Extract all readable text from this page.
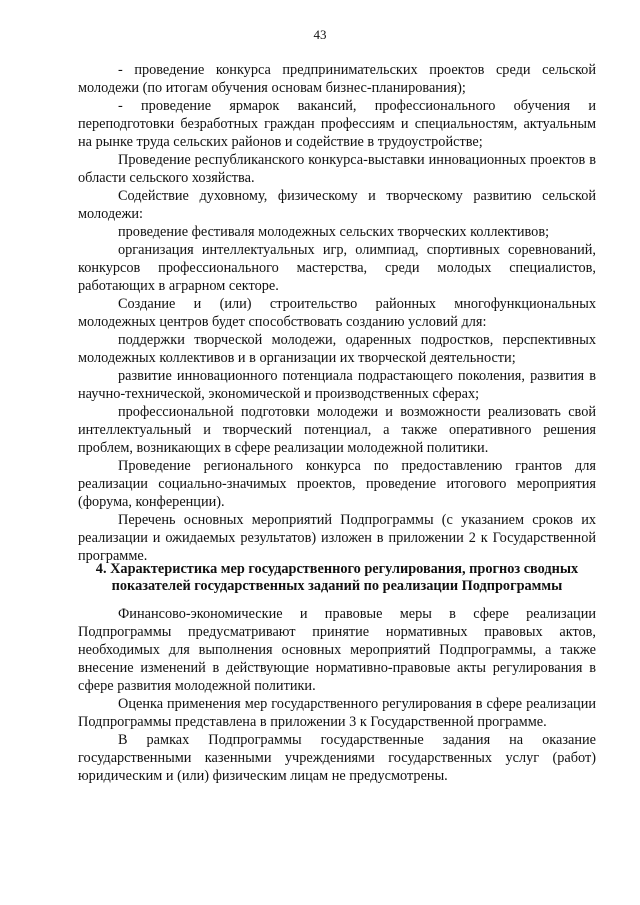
43

- проведение конкурса предпринимательских проектов среди сельской молодежи (по итогам обучения основам бизнес-планирования);

- проведение ярмарок вакансий, профессионального обучения и переподготовки безработных граждан профессиям и специальностям, актуальным на рынке труда сельских районов и содействие в трудоустройстве;

Проведение республиканского конкурса-выставки инновационных проектов в области сельского хозяйства.

Содействие духовному, физическому и творческому развитию сельской молодежи:

проведение фестиваля молодежных сельских творческих коллективов;

организация интеллектуальных игр, олимпиад, спортивных соревнований, конкурсов профессионального мастерства, среди молодых специалистов, работающих в аграрном секторе.

Создание и (или) строительство районных многофункциональных молодежных центров будет способствовать созданию условий для:

поддержки творческой молодежи, одаренных подростков, перспективных молодежных коллективов и в организации их творческой деятельности;

развитие инновационного потенциала подрастающего поколения, развития в научно-технической, экономической и производственных сферах;

профессиональной подготовки молодежи и возможности реализовать свой интеллектуальный и творческий потенциал, а также оперативного решения проблем, возникающих в сфере реализации молодежной политики.

Проведение регионального конкурса по предоставлению грантов для реализации социально-значимых проектов, проведение итогового мероприятия (форума, конференции).

Перечень основных мероприятий Подпрограммы (с указанием сроков их реализации и ожидаемых результатов) изложен в приложении 2 к Государственной программе.

4. Характеристика мер государственного регулирования, прогноз сводных
показателей государственных заданий по реализации Подпрограммы

Финансово-экономические и правовые меры в сфере реализации Подпрограммы предусматривают принятие нормативных правовых актов, необходимых для выполнения основных мероприятий Подпрограммы, а также внесение изменений в действующие нормативно-правовые акты регулирования в сфере развития молодежной политики.

Оценка применения мер государственного регулирования в сфере реализации Подпрограммы представлена в приложении 3 к Государственной программе.

В рамках Подпрограммы государственные задания на оказание государственными казенными учреждениями государственных услуг (работ) юридическим и (или) физическим лицам не предусмотрены.
